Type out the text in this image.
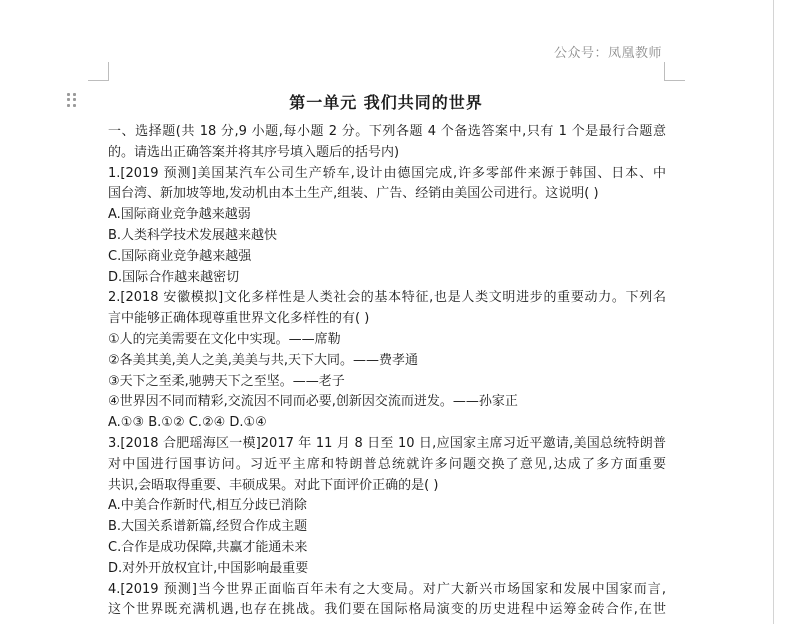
公众号：凤凰教师
第一单元 我们共同的世界
一、选择题(共 18 分,9 小题,每小题 2 分。下列各题 4 个备选答案中,只有 1 个是最行合题意
的。请选出正确答案并将其序号填入题后的括号内)
1.[2019 预测]美国某汽车公司生产轿车,设计由德国完成,许多零部件来源于韩国、日本、中
国台湾、新加坡等地,发动机由本土生产,组装、广告、经销由美国公司进行。这说明( )
A.国际商业竞争越来越弱
B.人类科学技术发展越来越快
C.国际商业竞争越来越强
D.国际合作越来越密切
2.[2018 安徽模拟]文化多样性是人类社会的基本特征,也是人类文明进步的重要动力。下列名
言中能够正确体现尊重世界文化多样性的有( )
①人的完美需要在文化中实现。——席勒
②各美其美,美人之美,美美与共,天下大同。——费孝通
③天下之至柔,驰骋天下之至坚。——老子
④世界因不同而精彩,交流因不同而必要,创新因交流而迸发。——孙家正
A.①③ B.①② C.②④ D.①④
3.[2018 合肥瑶海区一模]2017 年 11 月 8 日至 10 日,应国家主席习近平邀请,美国总统特朗普
对中国进行国事访问。习近平主席和特朗普总统就许多问题交换了意见,达成了多方面重要
共识,会晤取得重要、丰硕成果。对此下面评价正确的是( )
A.中美合作新时代,相互分歧已消除
B.大国关系谱新篇,经贸合作成主题
C.合作是成功保障,共赢才能通未来
D.对外开放权宜计,中国影响最重要
4.[2019 预测]当今世界正面临百年未有之大变局。对广大新兴市场国家和发展中国家而言,
这个世界既充满机遇,也存在挑战。我们要在国际格局演变的历史进程中运筹金砖合作,在世
